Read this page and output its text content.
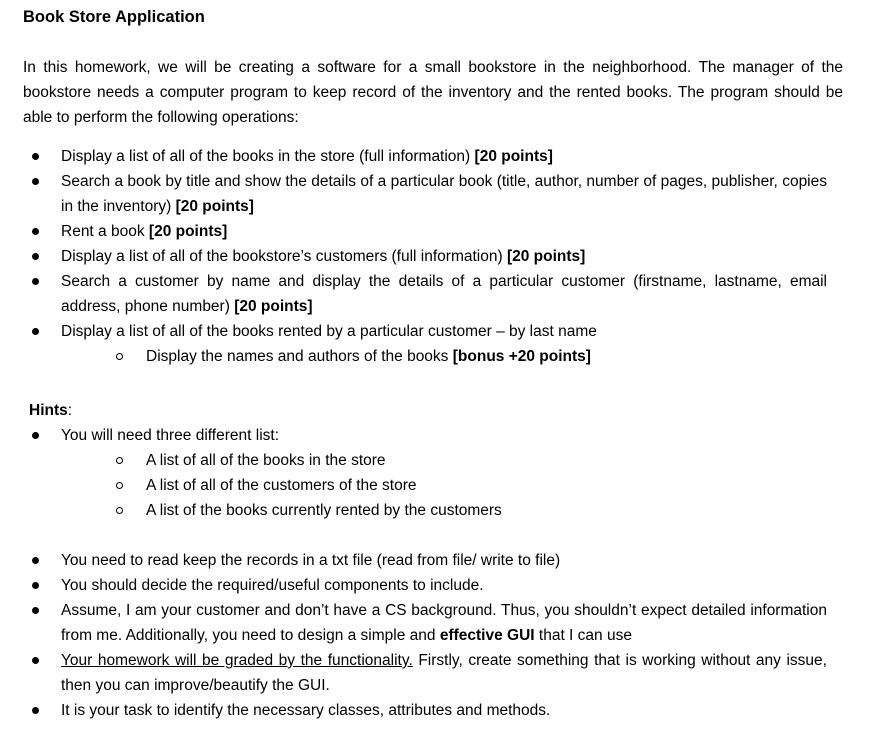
Book Store Application
In this homework, we will be creating a software for a small bookstore in the neighborhood. The manager of the bookstore needs a computer program to keep record of the inventory and the rented books. The program should be able to perform the following operations:
Display a list of all of the books in the store (full information) [20 points]
Search a book by title and show the details of a particular book (title, author, number of pages, publisher, copies in the inventory) [20 points]
Rent a book [20 points]
Display a list of all of the bookstore’s customers (full information) [20 points]
Search a customer by name and display the details of a particular customer (firstname, lastname, email address, phone number) [20 points]
Display a list of all of the books rented by a particular customer – by last name
Display the names and authors of the books [bonus +20 points]
Hints:
You will need three different list:
A list of all of the books in the store
A list of all of the customers of the store
A list of the books currently rented by the customers
You need to read keep the records in a txt file (read from file/ write to file)
You should decide the required/useful components to include.
Assume, I am your customer and don’t have a CS background. Thus, you shouldn’t expect detailed information from me. Additionally, you need to design a simple and effective GUI that I can use
Your homework will be graded by the functionality. Firstly, create something that is working without any issue, then you can improve/beautify the GUI.
It is your task to identify the necessary classes, attributes and methods.
